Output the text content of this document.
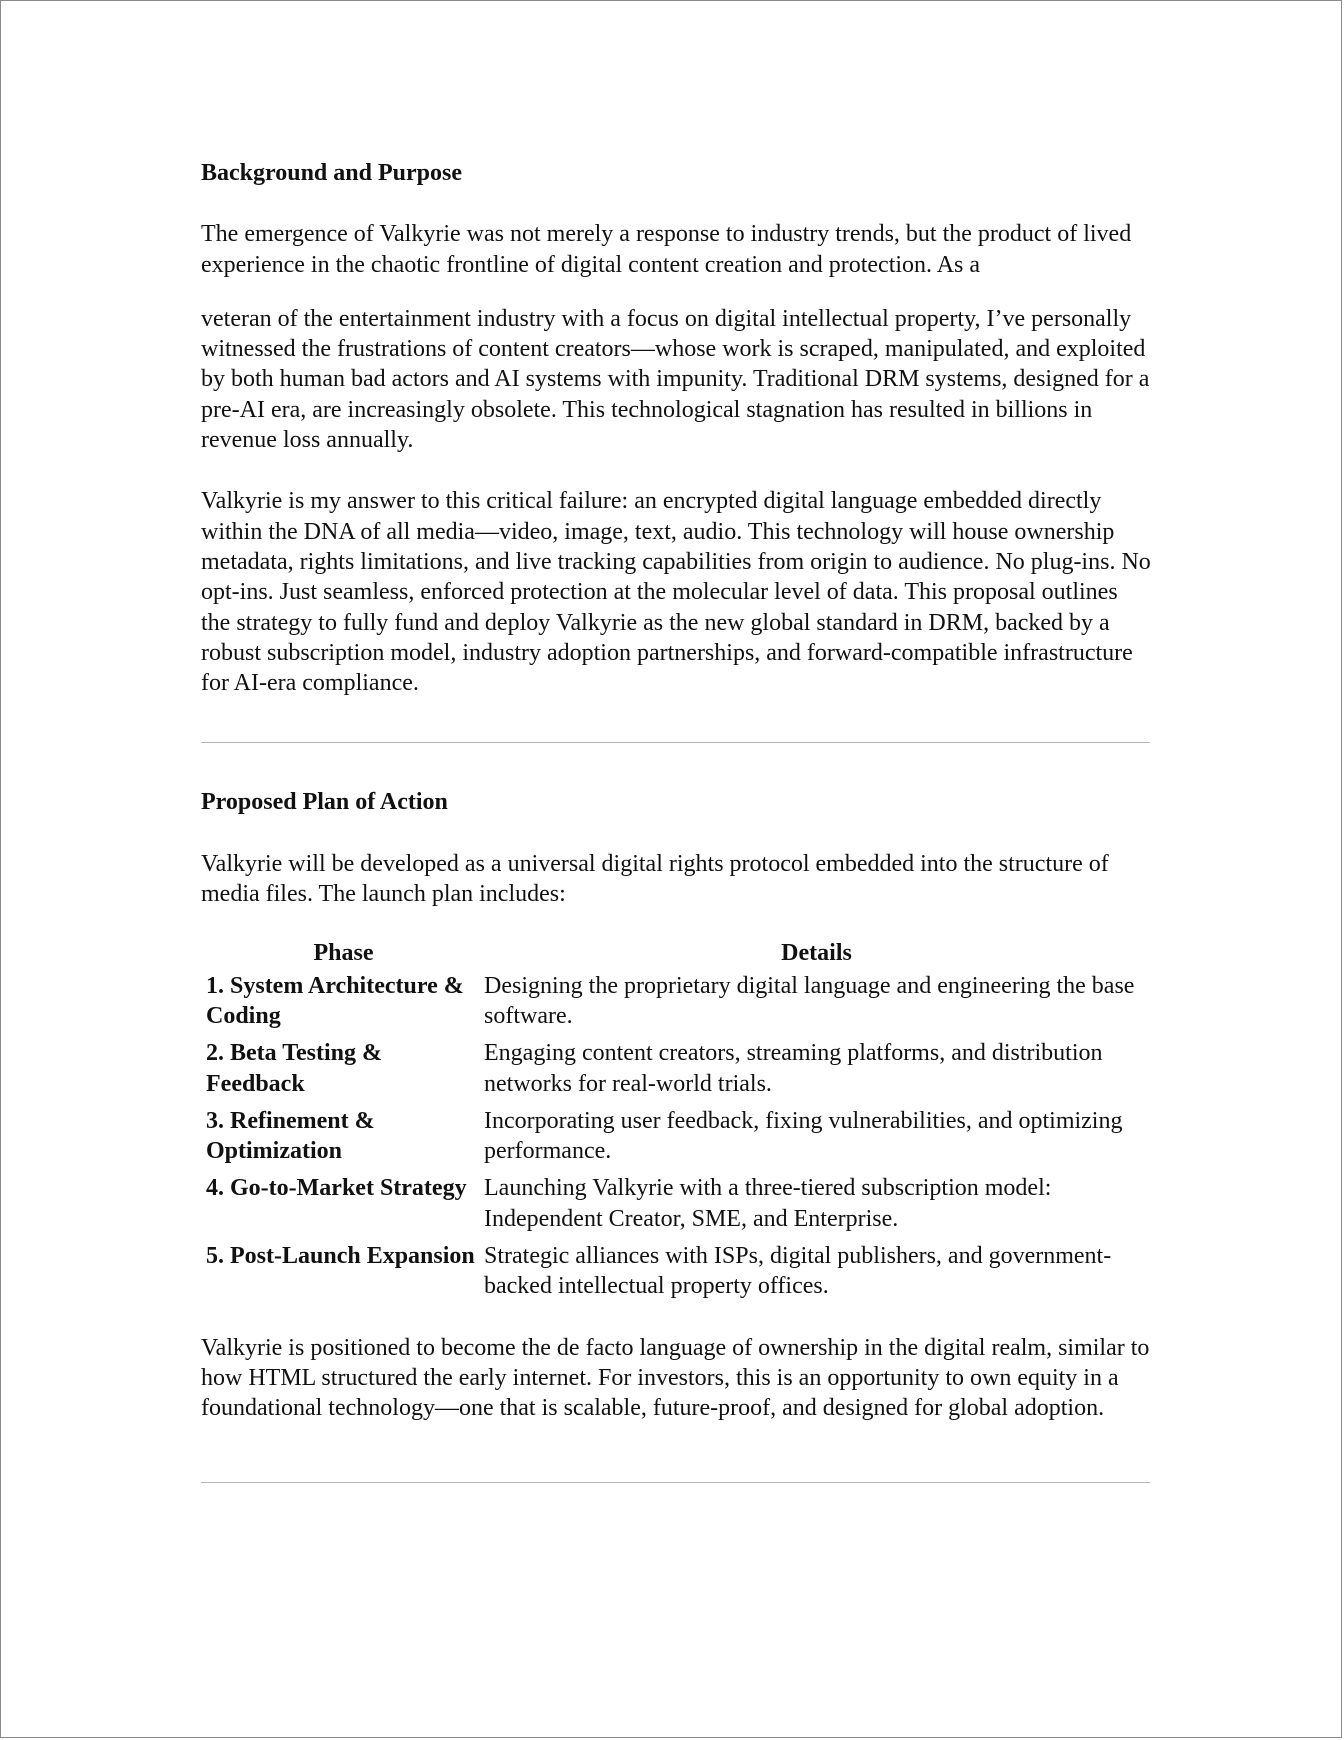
Background and Purpose

The emergence of Valkyrie was not merely a response to industry trends, but the product of lived experience in the chaotic frontline of digital content creation and protection. As a

veteran of the entertainment industry with a focus on digital intellectual property, I’ve personally witnessed the frustrations of content creators—whose work is scraped, manipulated, and exploited by both human bad actors and AI systems with impunity. Traditional DRM systems, designed for a pre-AI era, are increasingly obsolete. This technological stagnation has resulted in billions in revenue loss annually.

Valkyrie is my answer to this critical failure: an encrypted digital language embedded directly within the DNA of all media—video, image, text, audio. This technology will house ownership metadata, rights limitations, and live tracking capabilities from origin to audience. No plug-ins. No opt-ins. Just seamless, enforced protection at the molecular level of data. This proposal outlines the strategy to fully fund and deploy Valkyrie as the new global standard in DRM, backed by a robust subscription model, industry adoption partnerships, and forward-compatible infrastructure for AI-era compliance.

Proposed Plan of Action

Valkyrie will be developed as a universal digital rights protocol embedded into the structure of media files. The launch plan includes:

Phase	Details
1. System Architecture & Coding	Designing the proprietary digital language and engineering the base software.
2. Beta Testing & Feedback	Engaging content creators, streaming platforms, and distribution networks for real-world trials.
3. Refinement & Optimization	Incorporating user feedback, fixing vulnerabilities, and optimizing performance.
4. Go-to-Market Strategy	Launching Valkyrie with a three-tiered subscription model: Independent Creator, SME, and Enterprise.
5. Post-Launch Expansion	Strategic alliances with ISPs, digital publishers, and government-backed intellectual property offices.

Valkyrie is positioned to become the de facto language of ownership in the digital realm, similar to how HTML structured the early internet. For investors, this is an opportunity to own equity in a foundational technology—one that is scalable, future-proof, and designed for global adoption.
